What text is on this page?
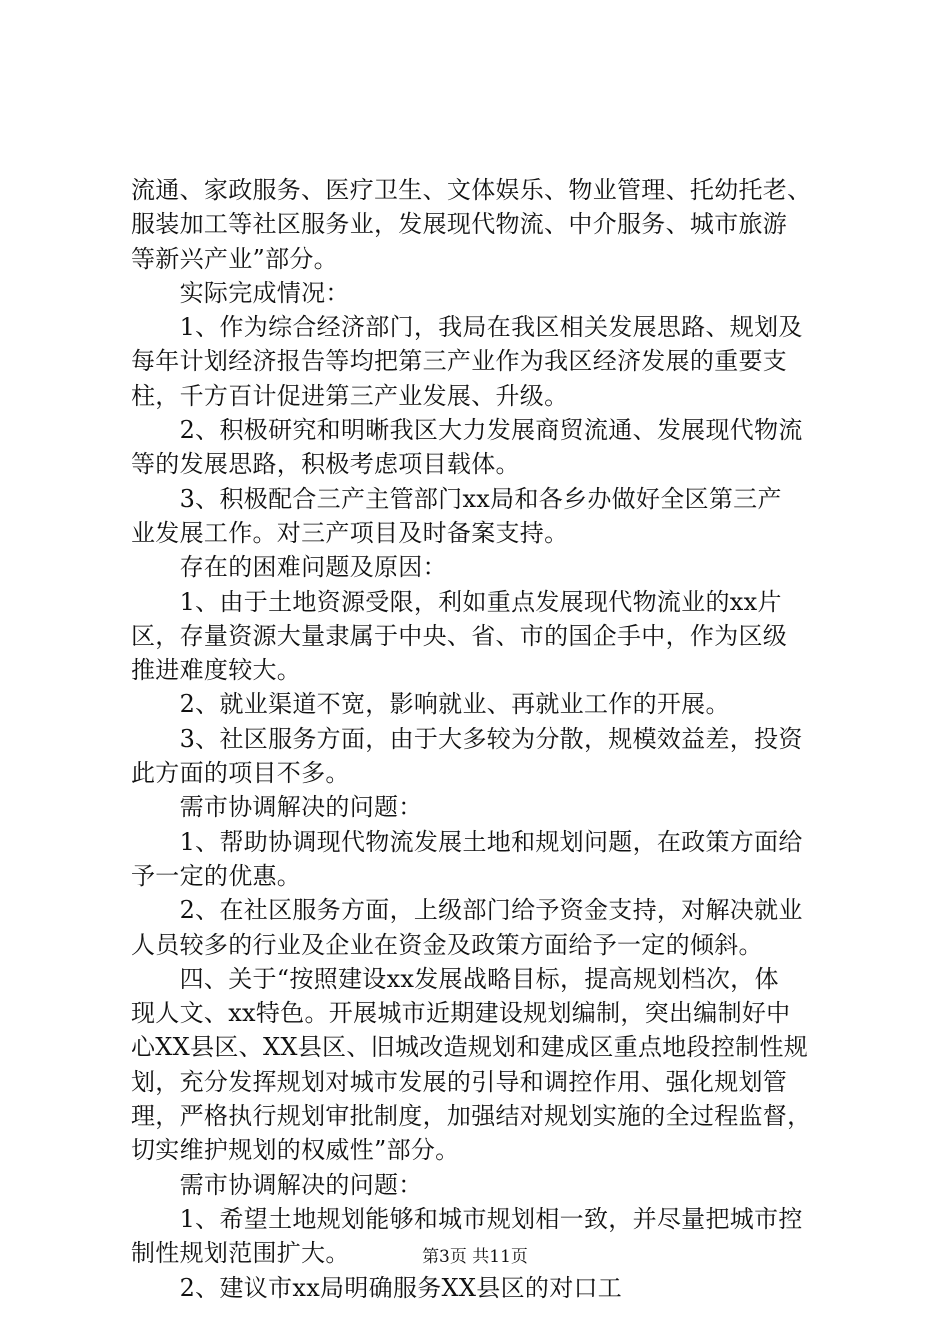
流通、家政服务、医疗卫生、文体娱乐、物业管理、托幼托老、
服装加工等社区服务业，发展现代物流、中介服务、城市旅游
等新兴产业”部分。
　　实际完成情况：
　　1、作为综合经济部门，我局在我区相关发展思路、规划及
每年计划经济报告等均把第三产业作为我区经济发展的重要支
柱，千方百计促进第三产业发展、升级。
　　2、积极研究和明晰我区大力发展商贸流通、发展现代物流
等的发展思路，积极考虑项目载体。
　　3、积极配合三产主管部门xx局和各乡办做好全区第三产
业发展工作。对三产项目及时备案支持。
　　存在的困难问题及原因：
　　1、由于土地资源受限，利如重点发展现代物流业的xx片
区，存量资源大量隶属于中央、省、市的国企手中，作为区级
推进难度较大。
　　2、就业渠道不宽，影响就业、再就业工作的开展。
　　3、社区服务方面，由于大多较为分散，规模效益差，投资
此方面的项目不多。
　　需市协调解决的问题：
　　1、帮助协调现代物流发展土地和规划问题，在政策方面给
予一定的优惠。
　　2、在社区服务方面，上级部门给予资金支持，对解决就业
人员较多的行业及企业在资金及政策方面给予一定的倾斜。
　　四、关于“按照建设xx发展战略目标，提高规划档次，体
现人文、xx特色。开展城市近期建设规划编制，突出编制好中
心XX县区、XX县区、旧城改造规划和建成区重点地段控制性规
划，充分发挥规划对城市发展的引导和调控作用、强化规划管
理，严格执行规划审批制度，加强结对规划实施的全过程监督，
切实维护规划的权威性”部分。
　　需市协调解决的问题：
　　1、希望土地规划能够和城市规划相一致，并尽量把城市控
制性规划范围扩大。
　　2、建议市xx局明确服务XX县区的对口工
第3页 共11页
